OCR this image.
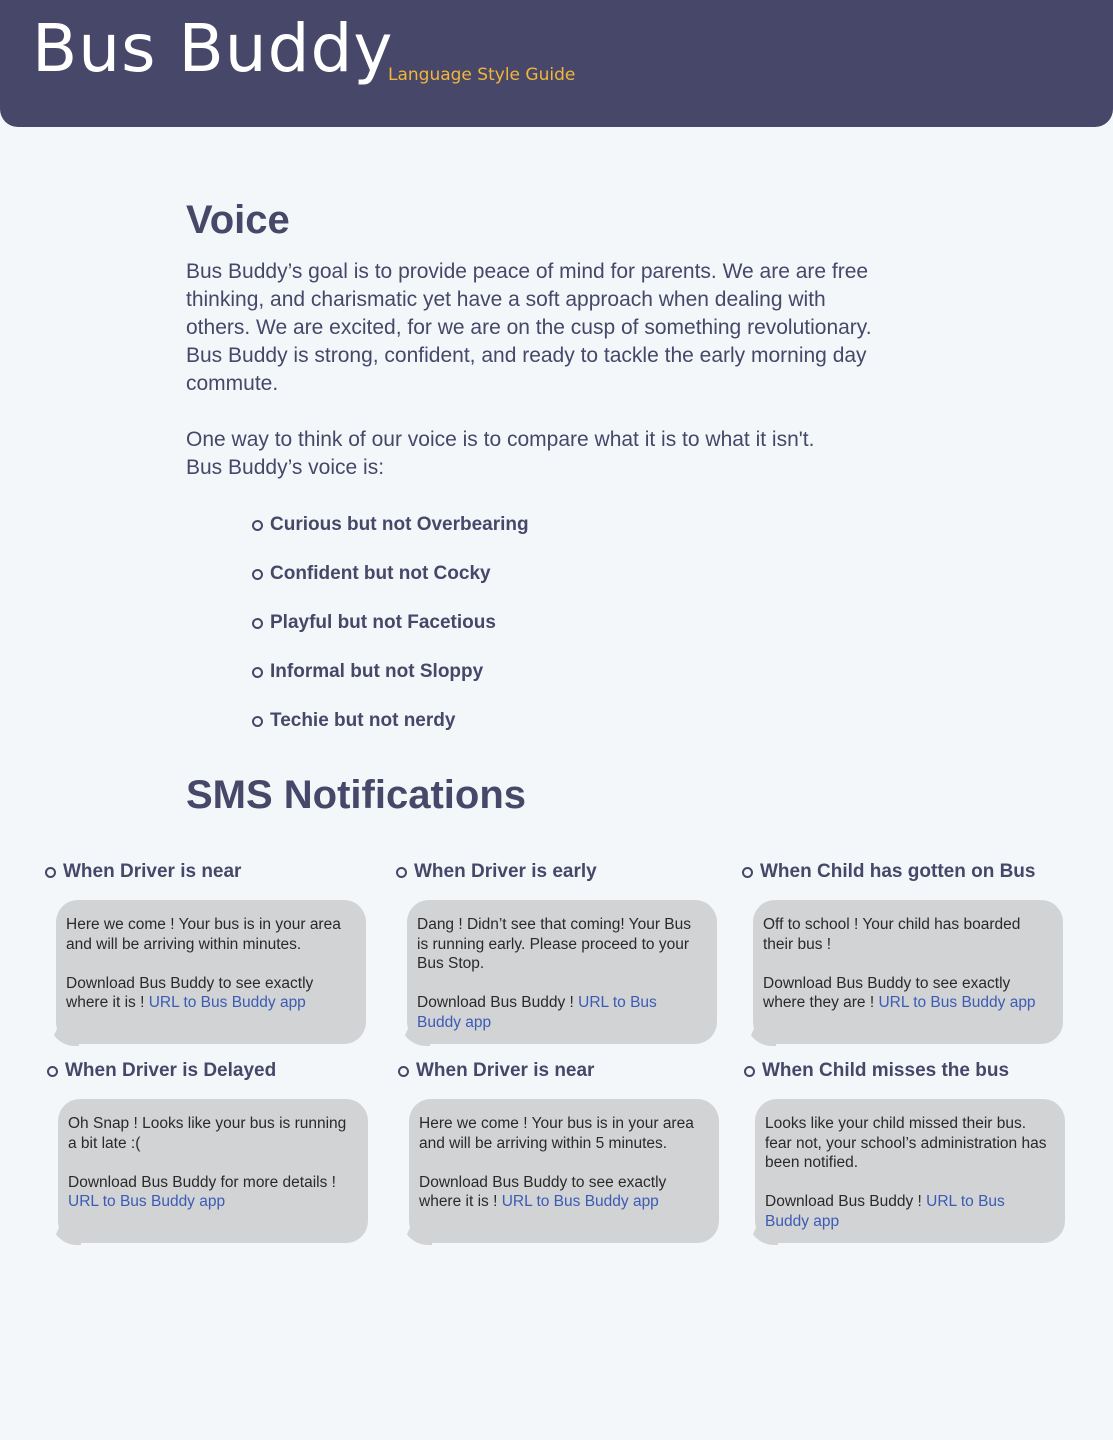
Bus Buddy
Language Style Guide
Voice

Bus Buddy’s goal is to provide peace of mind for parents. We are are free thinking, and charismatic yet have a soft approach when dealing with others. We are excited, for we are on the cusp of something revolutionary. Bus Buddy is strong, confident, and ready to tackle the early morning day commute.

One way to think of our voice is to compare what it is to what it isn't.

Bus Buddy’s voice is:

Curious but not Overbearing
Confident but not Cocky
Playful but not Facetious
Informal but not Sloppy
Techie but not nerdy
SMS Notifications
When Driver is near
Here we come ! Your bus is in your area and will be arriving within minutes.

Download Bus Buddy to see exactly where it is ! URL to Bus Buddy app
When Driver is early
Dang ! Didn’t see that coming! Your Bus is running early. Please proceed to your Bus Stop.

Download Bus Buddy ! URL to Bus Buddy app
When Child has gotten on Bus
Off to school ! Your child has boarded their bus !

Download Bus Buddy to see exactly where they are ! URL to Bus Buddy app
When Driver is Delayed
Oh Snap ! Looks like your bus is running a bit late :(

Download Bus Buddy for more details ! URL to Bus Buddy app
When Driver is near
Here we come ! Your bus is in your area and will be arriving within 5 minutes.

Download Bus Buddy to see exactly where it is ! URL to Bus Buddy app
When Child misses the bus
Looks like your child missed their bus. fear not, your school’s administration has been notified.

Download Bus Buddy ! URL to Bus Buddy app
